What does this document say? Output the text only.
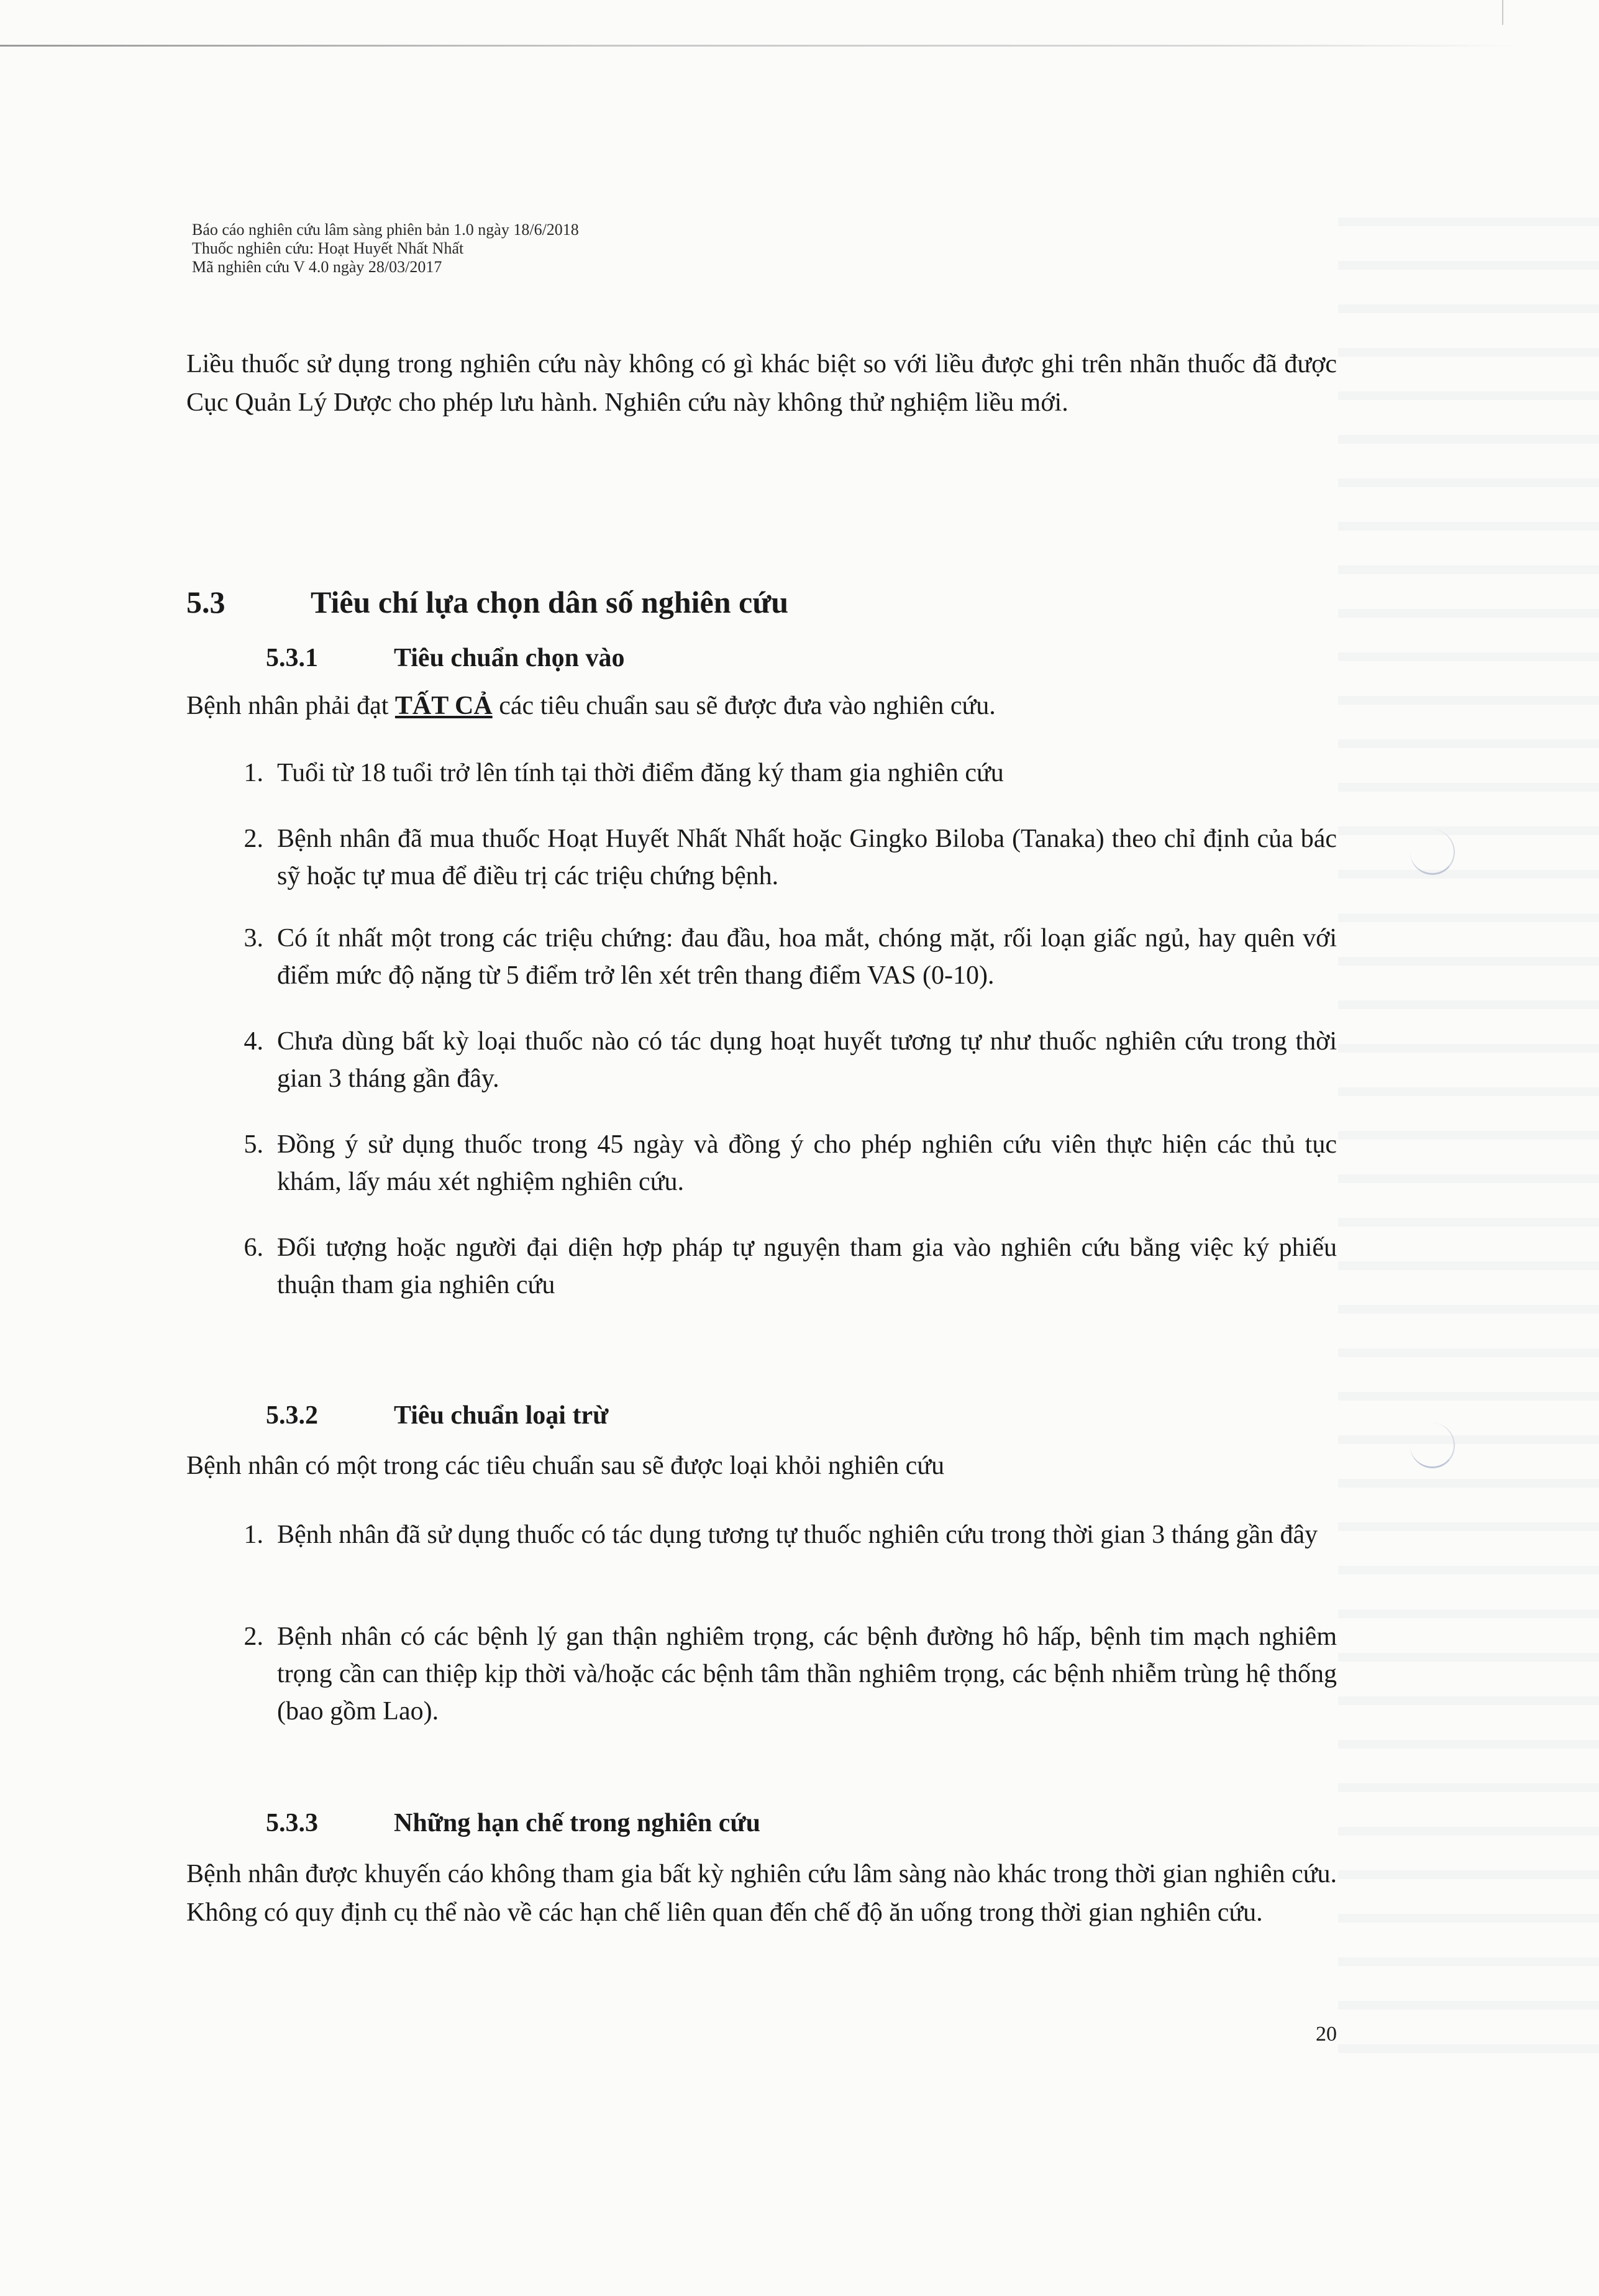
Báo cáo nghiên cứu lâm sàng phiên bản 1.0 ngày 18/6/2018
Thuốc nghiên cứu: Hoạt Huyết Nhất Nhất
Mã nghiên cứu V 4.0 ngày 28/03/2017

Liều thuốc sử dụng trong nghiên cứu này không có gì khác biệt so với liều được ghi trên nhãn thuốc đã được Cục Quản Lý Dược cho phép lưu hành. Nghiên cứu này không thử nghiệm liều mới.

5.3	Tiêu chí lựa chọn dân số nghiên cứu
5.3.1	Tiêu chuẩn chọn vào

Bệnh nhân phải đạt TẤT CẢ các tiêu chuẩn sau sẽ được đưa vào nghiên cứu.

1. Tuổi từ 18 tuổi trở lên tính tại thời điểm đăng ký tham gia nghiên cứu
2. Bệnh nhân đã mua thuốc Hoạt Huyết Nhất Nhất hoặc Gingko Biloba (Tanaka) theo chỉ định của bác sỹ hoặc tự mua để điều trị các triệu chứng bệnh.
3. Có ít nhất một trong các triệu chứng: đau đầu, hoa mắt, chóng mặt, rối loạn giấc ngủ, hay quên với điểm mức độ nặng từ 5 điểm trở lên xét trên thang điểm VAS (0-10).
4. Chưa dùng bất kỳ loại thuốc nào có tác dụng hoạt huyết tương tự như thuốc nghiên cứu trong thời gian 3 tháng gần đây.
5. Đồng ý sử dụng thuốc trong 45 ngày và đồng ý cho phép nghiên cứu viên thực hiện các thủ tục khám, lấy máu xét nghiệm nghiên cứu.
6. Đối tượng hoặc người đại diện hợp pháp tự nguyện tham gia vào nghiên cứu bằng việc ký phiếu thuận tham gia nghiên cứu
5.3.2	Tiêu chuẩn loại trừ

Bệnh nhân có một trong các tiêu chuẩn sau sẽ được loại khỏi nghiên cứu

1. Bệnh nhân đã sử dụng thuốc có tác dụng tương tự thuốc nghiên cứu trong thời gian 3 tháng gần đây
2. Bệnh nhân có các bệnh lý gan thận nghiêm trọng, các bệnh đường hô hấp, bệnh tim mạch nghiêm trọng cần can thiệp kịp thời và/hoặc các bệnh tâm thần nghiêm trọng, các bệnh nhiễm trùng hệ thống (bao gồm Lao).
5.3.3	Những hạn chế trong nghiên cứu

Bệnh nhân được khuyến cáo không tham gia bất kỳ nghiên cứu lâm sàng nào khác trong thời gian nghiên cứu. Không có quy định cụ thể nào về các hạn chế liên quan đến chế độ ăn uống trong thời gian nghiên cứu.

20
